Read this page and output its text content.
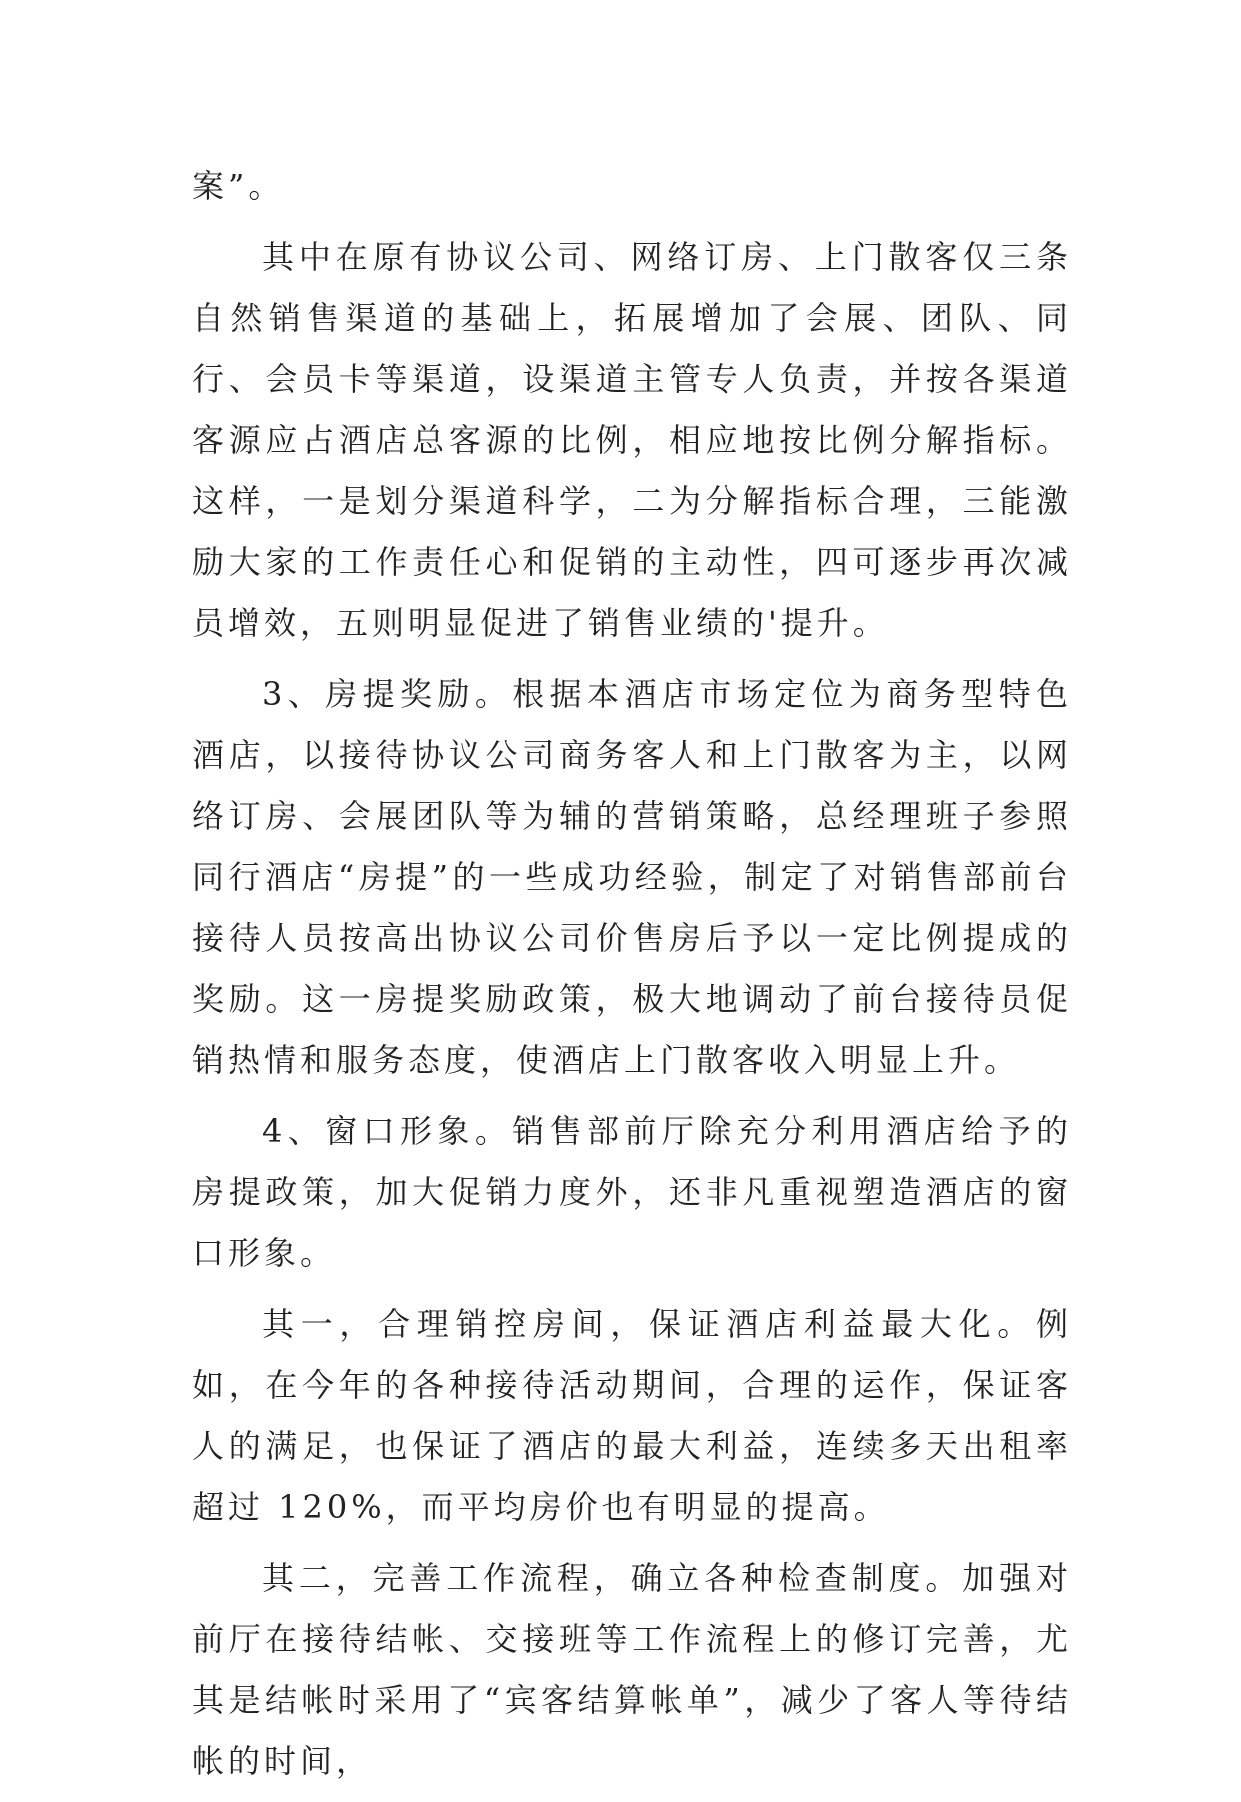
案”。

其中在原有协议公司、网络订房、上门散客仅三条自然销售渠道的基础上，拓展增加了会展、团队、同行、会员卡等渠道，设渠道主管专人负责，并按各渠道客源应占酒店总客源的比例，相应地按比例分解指标。这样，一是划分渠道科学，二为分解指标合理，三能激励大家的工作责任心和促销的主动性，四可逐步再次减员增效，五则明显促进了销售业绩的'提升。

3、房提奖励。根据本酒店市场定位为商务型特色酒店，以接待协议公司商务客人和上门散客为主，以网络订房、会展团队等为辅的营销策略，总经理班子参照同行酒店“房提”的一些成功经验，制定了对销售部前台接待人员按高出协议公司价售房后予以一定比例提成的奖励。这一房提奖励政策，极大地调动了前台接待员促销热情和服务态度，使酒店上门散客收入明显上升。

4、窗口形象。销售部前厅除充分利用酒店给予的房提政策，加大促销力度外，还非凡重视塑造酒店的窗口形象。

其一，合理销控房间，保证酒店利益最大化。例如，在今年的各种接待活动期间，合理的运作，保证客人的满足，也保证了酒店的最大利益，连续多天出租率超过 120%，而平均房价也有明显的提高。

其二，完善工作流程，确立各种检查制度。加强对前厅在接待结帐、交接班等工作流程上的修订完善，尤其是结帐时采用了“宾客结算帐单”，减少了客人等待结帐的时间，
